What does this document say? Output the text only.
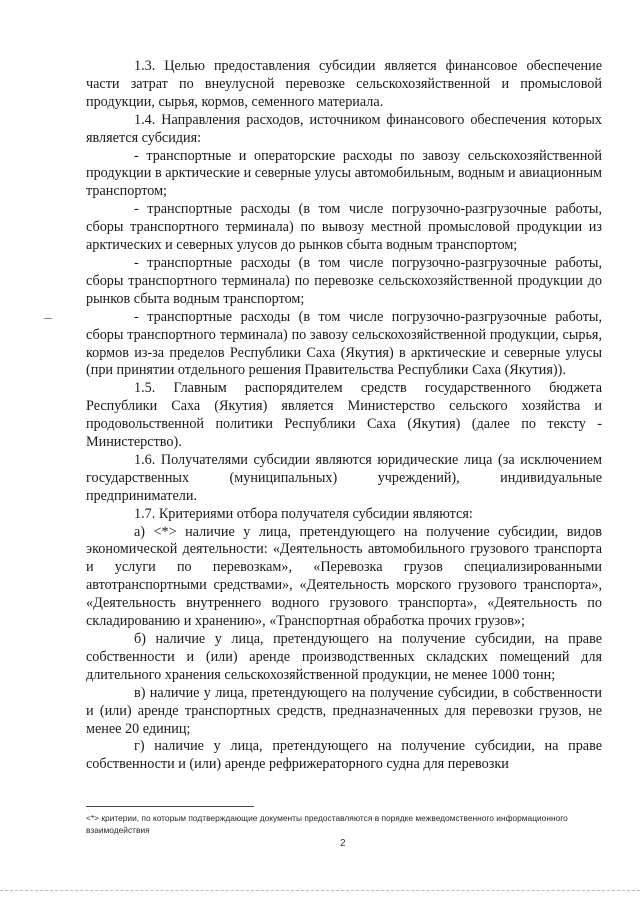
1.3. Целью предоставления субсидии является финансовое обеспечение части затрат по внеулусной перевозке сельскохозяйственной и промысловой продукции, сырья, кормов, семенного материала.

1.4. Направления расходов, источником финансового обеспечения которых является субсидия:

- транспортные и операторские расходы по завозу сельскохозяйственной продукции в арктические и северные улусы автомобильным, водным и авиационным транспортом;

- транспортные расходы (в том числе погрузочно-разгрузочные работы, сборы транспортного терминала) по вывозу местной промысловой продукции из арктических и северных улусов до рынков сбыта водным транспортом;

- транспортные расходы (в том числе погрузочно-разгрузочные работы, сборы транспортного терминала) по перевозке сельскохозяйственной продукции до рынков сбыта водным транспортом;

- транспортные расходы (в том числе погрузочно-разгрузочные работы, сборы транспортного терминала) по завозу сельскохозяйственной продукции, сырья, кормов из-за пределов Республики Саха (Якутия) в арктические и северные улусы (при принятии отдельного решения Правительства Республики Саха (Якутия)).

1.5. Главным распорядителем средств государственного бюджета Республики Саха (Якутия) является Министерство сельского хозяйства и продовольственной политики Республики Саха (Якутия) (далее по тексту - Министерство).

1.6. Получателями субсидии являются юридические лица (за исключением государственных (муниципальных) учреждений), индивидуальные предприниматели.

1.7. Критериями отбора получателя субсидии являются:

а) <*> наличие у лица, претендующего на получение субсидии, видов экономической деятельности: «Деятельность автомобильного грузового транспорта и услуги по перевозкам», «Перевозка грузов специализированными автотранспортными средствами», «Деятельность морского грузового транспорта», «Деятельность внутреннего водного грузового транспорта», «Деятельность по складированию и хранению», «Транспортная обработка прочих грузов»;

б) наличие у лица, претендующего на получение субсидии, на праве собственности и (или) аренде производственных складских помещений для длительного хранения сельскохозяйственной продукции, не менее 1000 тонн;

в) наличие у лица, претендующего на получение субсидии, в собственности и (или) аренде транспортных средств, предназначенных для перевозки грузов, не менее 20 единиц;

г) наличие у лица, претендующего на получение субсидии, на праве собственности и (или) аренде рефрижераторного судна для перевозки

<*> критерии, по которым подтверждающие документы предоставляются в порядке межведомственного информационного взаимодействия
2
